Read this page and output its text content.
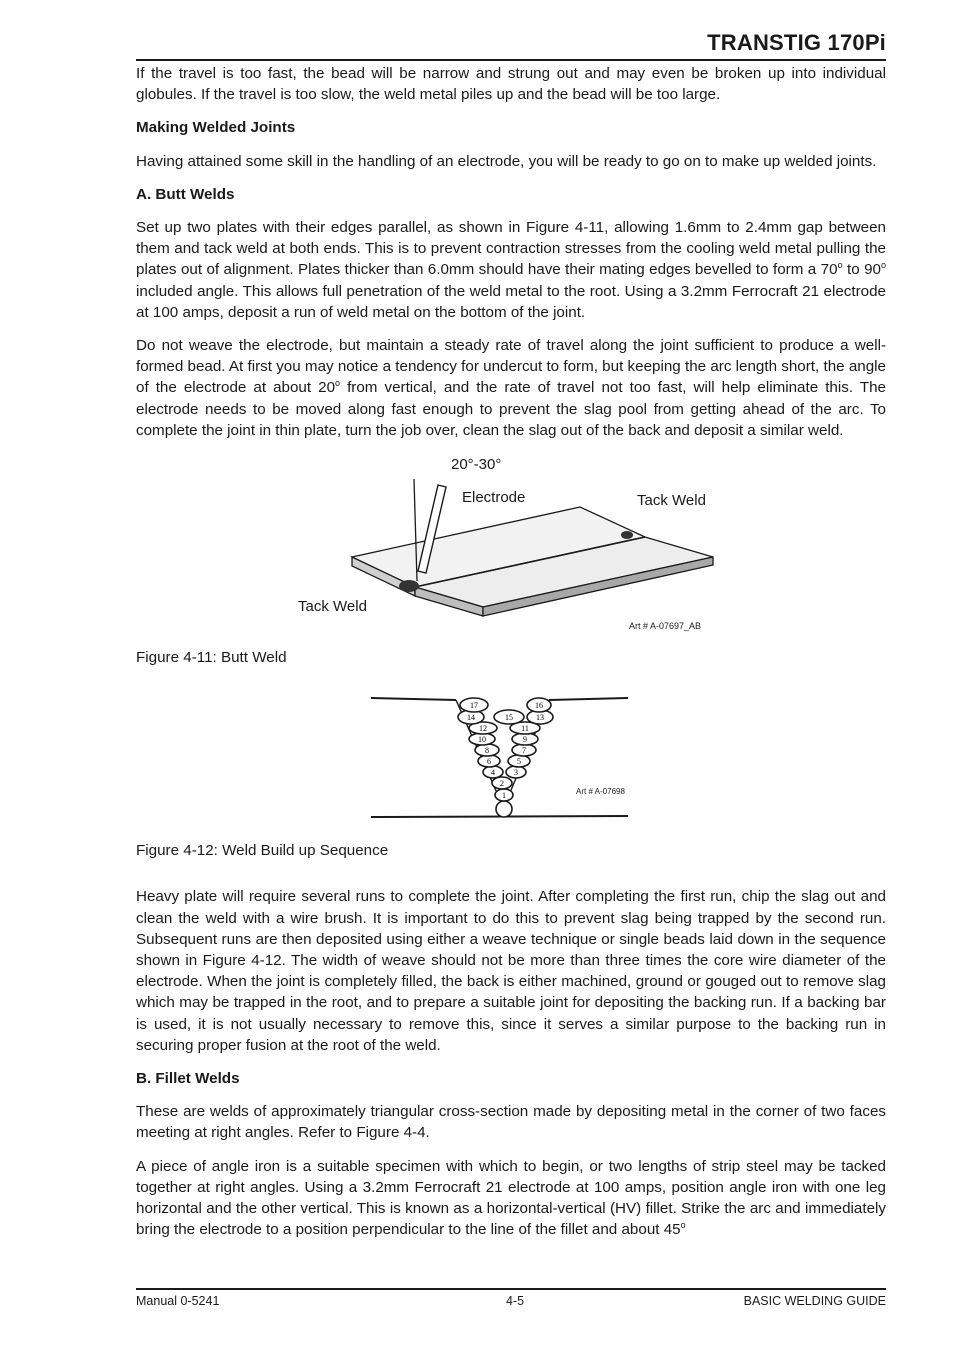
TRANSTIG 170Pi

If the travel is too fast, the bead will be narrow and strung out and may even be broken up into individual globules. If the travel is too slow, the weld metal piles up and the bead will be too large.

Making Welded Joints

Having attained some skill in the handling of an electrode, you will be ready to go on to make up welded joints.

A. Butt Welds

Set up two plates with their edges parallel, as shown in Figure 4-11, allowing 1.6mm to 2.4mm gap between them and tack weld at both ends. This is to prevent contraction stresses from the cooling weld metal pulling the plates out of alignment. Plates thicker than 6.0mm should have their mating edges bevelled to form a 70$^o$ to 90$^o$ included angle. This allows full penetration of the weld metal to the root. Using a 3.2mm Ferrocraft 21 electrode at 100 amps, deposit a run of weld metal on the bottom of the joint.

Do not weave the electrode, but maintain a steady rate of travel along the joint sufficient to produce a well-formed bead. At first you may notice a tendency for undercut to form, but keeping the arc length short, the angle of the electrode at about 20$^o$ from vertical, and the rate of travel not too fast, will help eliminate this. The electrode needs to be moved along fast enough to prevent the slag pool from getting ahead of the arc. To complete the joint in thin plate, turn the job over, clean the slag out of the back and deposit a similar weld.

20°-30°
Electrode	Tack Weld
Tack Weld
Art # A-07697_AB

Figure 4-11: Butt Weld

1
2
3
4
5
6
7
8
9
10
11
12
13
14	15
16
17
Art # A-07698

Figure 4-12: Weld Build up Sequence

Heavy plate will require several runs to complete the joint. After completing the first run, chip the slag out and clean the weld with a wire brush. It is important to do this to prevent slag being trapped by the second run. Subsequent runs are then deposited using either a weave technique or single beads laid down in the sequence shown in Figure 4-12. The width of weave should not be more than three times the core wire diameter of the electrode. When the joint is completely filled, the back is either machined, ground or gouged out to remove slag which may be trapped in the root, and to prepare a suitable joint for depositing the backing run. If a backing bar is used, it is not usually necessary to remove this, since it serves a similar purpose to the backing run in securing proper fusion at the root of the weld.

B. Fillet Welds

These are welds of approximately triangular cross-section made by depositing metal in the corner of two faces meeting at right angles. Refer to Figure 4-4.

A piece of angle iron is a suitable specimen with which to begin, or two lengths of strip steel may be tacked together at right angles. Using a 3.2mm Ferrocraft 21 electrode at 100 amps, position angle iron with one leg horizontal and the other vertical. This is known as a horizontal-vertical (HV) fillet. Strike the arc and immediately bring the electrode to a position perpendicular to the line of the fillet and about 45$^o$

Manual 0-5241	4-5	BASIC WELDING GUIDE
